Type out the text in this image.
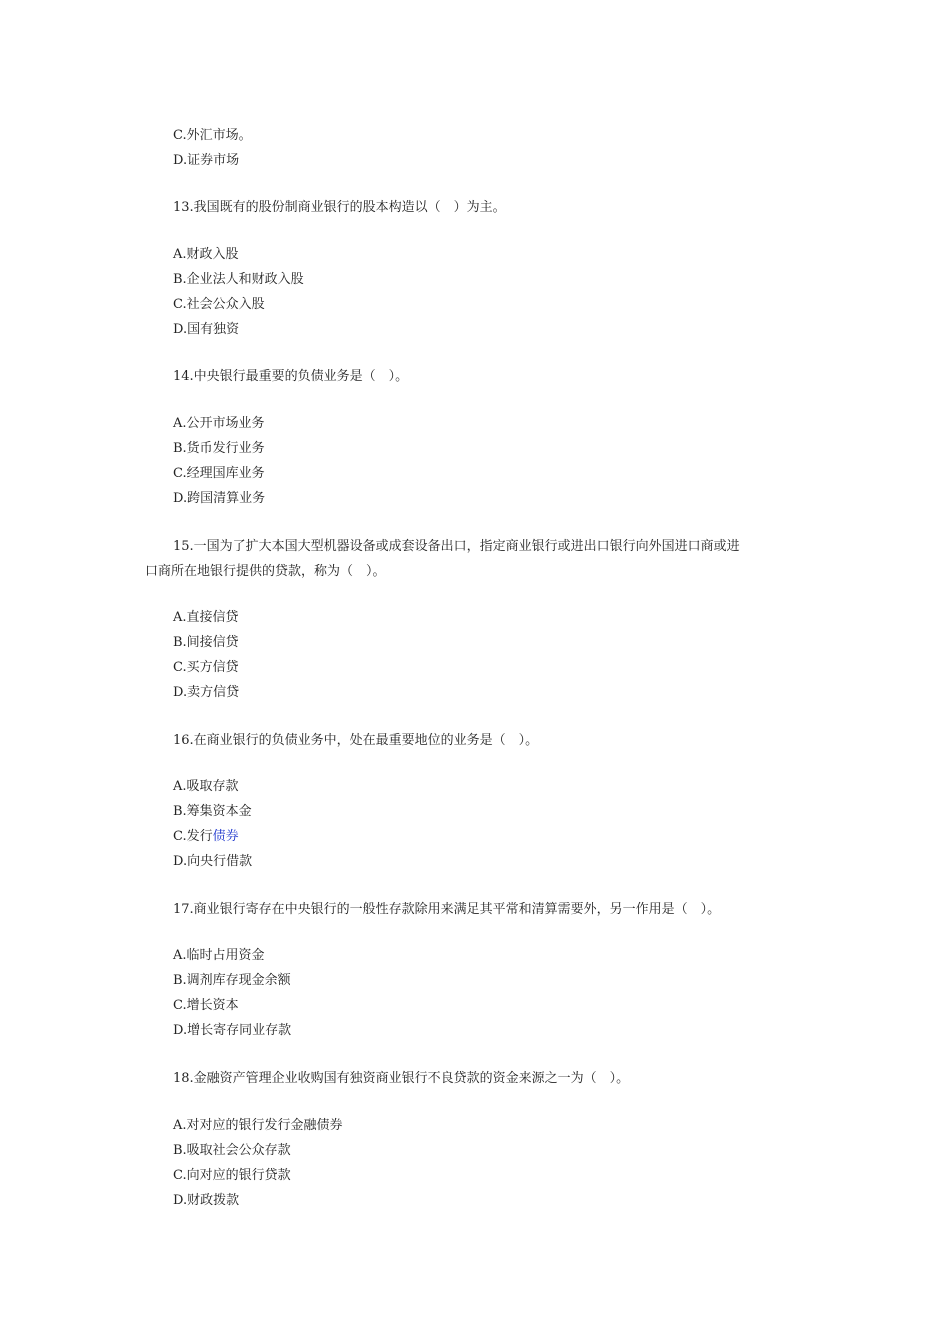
C.外汇市场。
D.证券市场
13.我国既有的股份制商业银行的股本构造以（　）为主。
A.财政入股
B.企业法人和财政入股
C.社会公众入股
D.国有独资
14.中央银行最重要的负债业务是（　）。
A.公开市场业务
B.货币发行业务
C.经理国库业务
D.跨国清算业务
15.一国为了扩大本国大型机器设备或成套设备出口，指定商业银行或进出口银行向外国进口商或进
口商所在地银行提供的贷款，称为（　）。
A.直接信贷
B.间接信贷
C.买方信贷
D.卖方信贷
16.在商业银行的负债业务中，处在最重要地位的业务是（　）。
A.吸取存款
B.筹集资本金
C.发行债券
D.向央行借款
17.商业银行寄存在中央银行的一般性存款除用来满足其平常和清算需要外，另一作用是（　）。
A.临时占用资金
B.调剂库存现金余额
C.增长资本
D.增长寄存同业存款
18.金融资产管理企业收购国有独资商业银行不良贷款的资金来源之一为（　）。
A.对对应的银行发行金融债券
B.吸取社会公众存款
C.向对应的银行贷款
D.财政拨款
